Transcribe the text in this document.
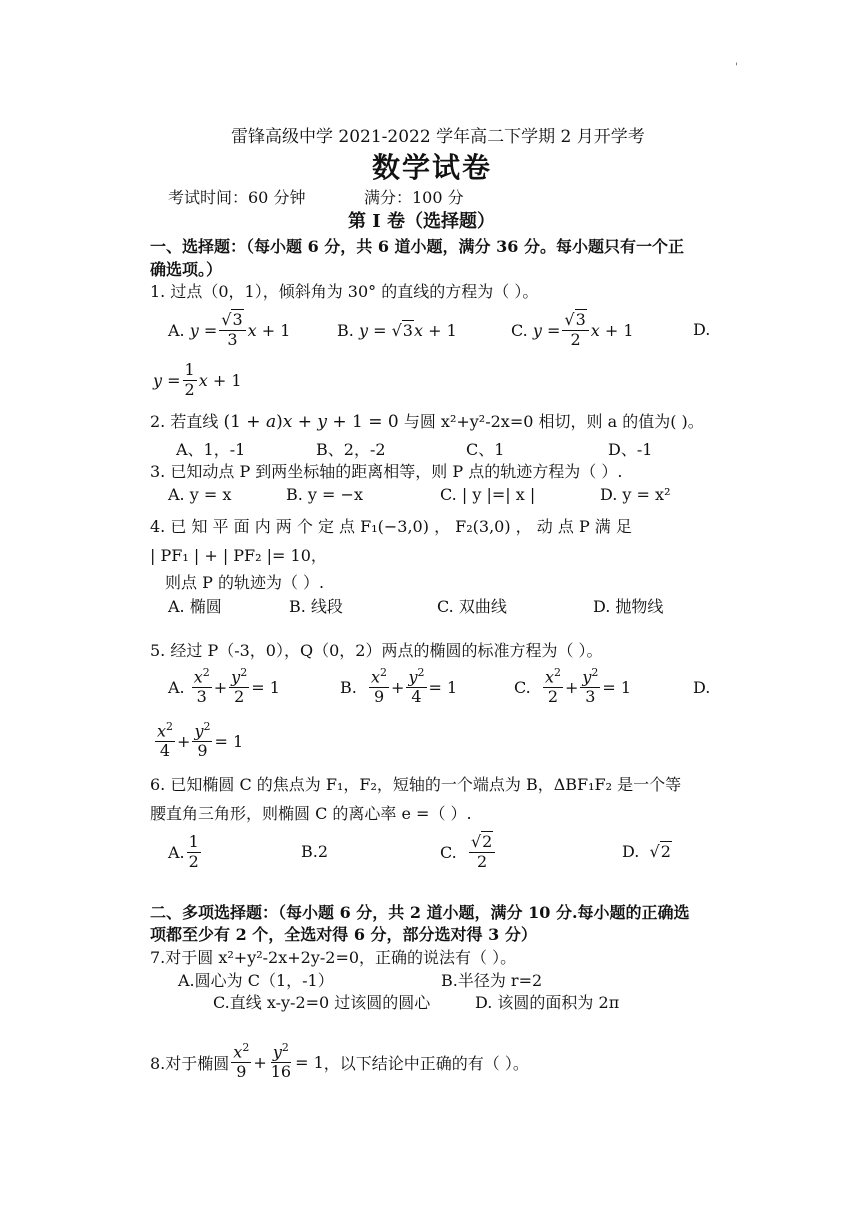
'
雷锋高级中学 2021-2022 学年高二下学期 2 月开学考
数学试卷
考试时间：60 分钟	满分：100 分
第 I 卷（选择题）
一、选择题：（每小题 6 分，共 6 道小题，满分 36 分。每小题只有一个正
确选项。）
1. 过点（0，1），倾斜角为 30° 的直线的方程为（ ）。
A.
$y = \frac{√3}{3}$ x + 1	B.
y = √3 x + 1	C.
$y = \frac{√3}{2}$ x + 1	D.
$y = \frac{1}{2}$ x + 1
2. 若直线 (1 + a)x + y + 1 = 0 与圆 x²+y²-2x=0 相切，则 a 的值为( )。
A、1，-1	B、2，-2	C、1	D、-1
3. 已知动点 P 到两坐标轴的距离相等，则 P 点的轨迹方程为（ ）.
A. y = x	B. y = −x	C. | y |=| x |	D. y = x²
4. 已 知 平 面 内 两 个 定 点 F₁(−3,0) ， F₂(3,0) ， 动 点 P 满 足
| PF₁ | + | PF₂ |= 10，
则点 P 的轨迹为（ ）.
A. 椭圆	B. 线段	C. 双曲线	D. 抛物线
5. 经过 P（-3，0），Q（0，2）两点的椭圆的标准方程为（ ）。
A.
$\frac{x^2}{3} + \frac{y^2}{2} = 1$	B.
$\frac{x^2}{9} + \frac{y^2}{4} = 1$	C.
$\frac{x^2}{2} + \frac{y^2}{3} = 1$	D.
$\frac{x^2}{4} + \frac{y^2}{9} = 1$
6. 已知椭圆 C 的焦点为 F₁，F₂，短轴的一个端点为 B，ΔBF₁F₂ 是一个等
腰直角三角形，则椭圆 C 的离心率 e =（ ）.
A. $\frac{1}{2}$	B.2	C.
$\frac{√2}{2}$	D. √2
二、多项选择题：（每小题 6 分，共 2 道小题，满分 10 分.每小题的正确选
项都至少有 2 个，全选对得 6 分，部分选对得 3 分）
7.对于圆 x²+y²-2x+2y-2=0，正确的说法有（ ）。
A.圆心为 C（1，-1）	B.半径为 r=2
C.直线 x-y-2=0 过该圆的圆心	D. 该圆的面积为 2π
8.对于椭圆 $\frac{x^2}{9} + \frac{y^2}{16} = 1$ ，以下结论中正确的有（ ）。
